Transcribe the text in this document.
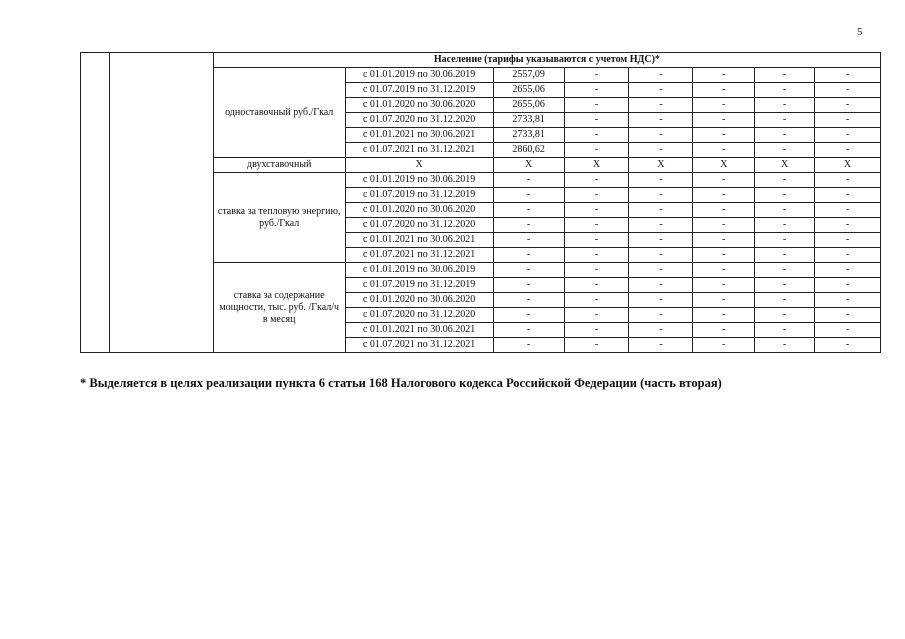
5
		Население (тарифы указываются с учетом НДС)*							
		одноставочный руб./Гкал	с 01.01.2019 по 30.06.2019	2557,09	-	-	-	-	-
			с 01.07.2019 по 31.12.2019	2655,06	-	-	-	-	-
			с 01.01.2020 по 30.06.2020	2655,06	-	-	-	-	-
			с 01.07.2020 по 31.12.2020	2733,81	-	-	-	-	-
			с 01.01.2021 по 30.06.2021	2733,81	-	-	-	-	-
			с 01.07.2021 по 31.12.2021	2860,62	-	-	-	-	-
		двухставочный	X	X	X	X	X	X	X
		ставка за тепловую энергию, руб./Гкал	с 01.01.2019 по 30.06.2019	-	-	-	-	-	-
			с 01.07.2019 по 31.12.2019	-	-	-	-	-	-
			с 01.01.2020 по 30.06.2020	-	-	-	-	-	-
			с 01.07.2020 по 31.12.2020	-	-	-	-	-	-
			с 01.01.2021 по 30.06.2021	-	-	-	-	-	-
			с 01.07.2021 по 31.12.2021	-	-	-	-	-	-
		ставка за содержание мощности, тыс. руб. /Гкал/ч в месяц	с 01.01.2019 по 30.06.2019	-	-	-	-	-	-
			с 01.07.2019 по 31.12.2019	-	-	-	-	-	-
			с 01.01.2020 по 30.06.2020	-	-	-	-	-	-
			с 01.07.2020 по 31.12.2020	-	-	-	-	-	-
			с 01.01.2021 по 30.06.2021	-	-	-	-	-	-
			с 01.07.2021 по 31.12.2021	-	-	-	-	-	-
* Выделяется в целях реализации пункта 6 статьи 168 Налогового кодекса Российской Федерации (часть вторая)
